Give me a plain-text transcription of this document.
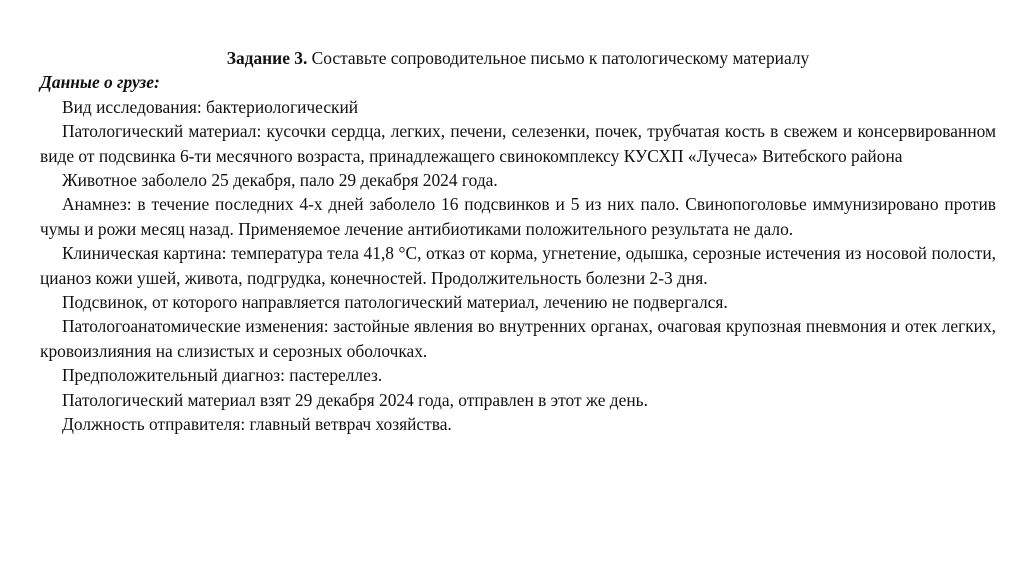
Задание 3. Составьте сопроводительное письмо к патологическому материалу

Данные о грузе:

Вид исследования: бактериологический

Патологический материал: кусочки сердца, легких, печени, селезенки, почек, трубчатая кость в свежем и консервированном виде от подсвинка 6-ти месячного возраста, принадлежащего свинокомплексу КУСХП «Лучеса» Витебского района

Животное заболело 25 декабря, пало 29 декабря 2024 года.

Анамнез: в течение последних 4-х дней заболело 16 подсвинков и 5 из них пало. Свинопоголовье иммунизировано против чумы и рожи месяц назад. Применяемое лечение антибиотиками положительного результата не дало.

Клиническая картина: температура тела 41,8 °С, отказ от корма, угнетение, одышка, серозные истечения из носовой полости, цианоз кожи ушей, живота, подгрудка, конечностей. Продолжительность болезни 2-3 дня.

Подсвинок, от которого направляется патологический материал, лечению не подвергался.

Патологоанатомические изменения: застойные явления во внутренних органах, очаговая крупозная пневмония и отек легких, кровоизлияния на слизистых и серозных оболочках.

Предположительный диагноз: пастереллез.

Патологический материал взят 29 декабря 2024 года, отправлен в этот же день.

Должность отправителя: главный ветврач хозяйства.
